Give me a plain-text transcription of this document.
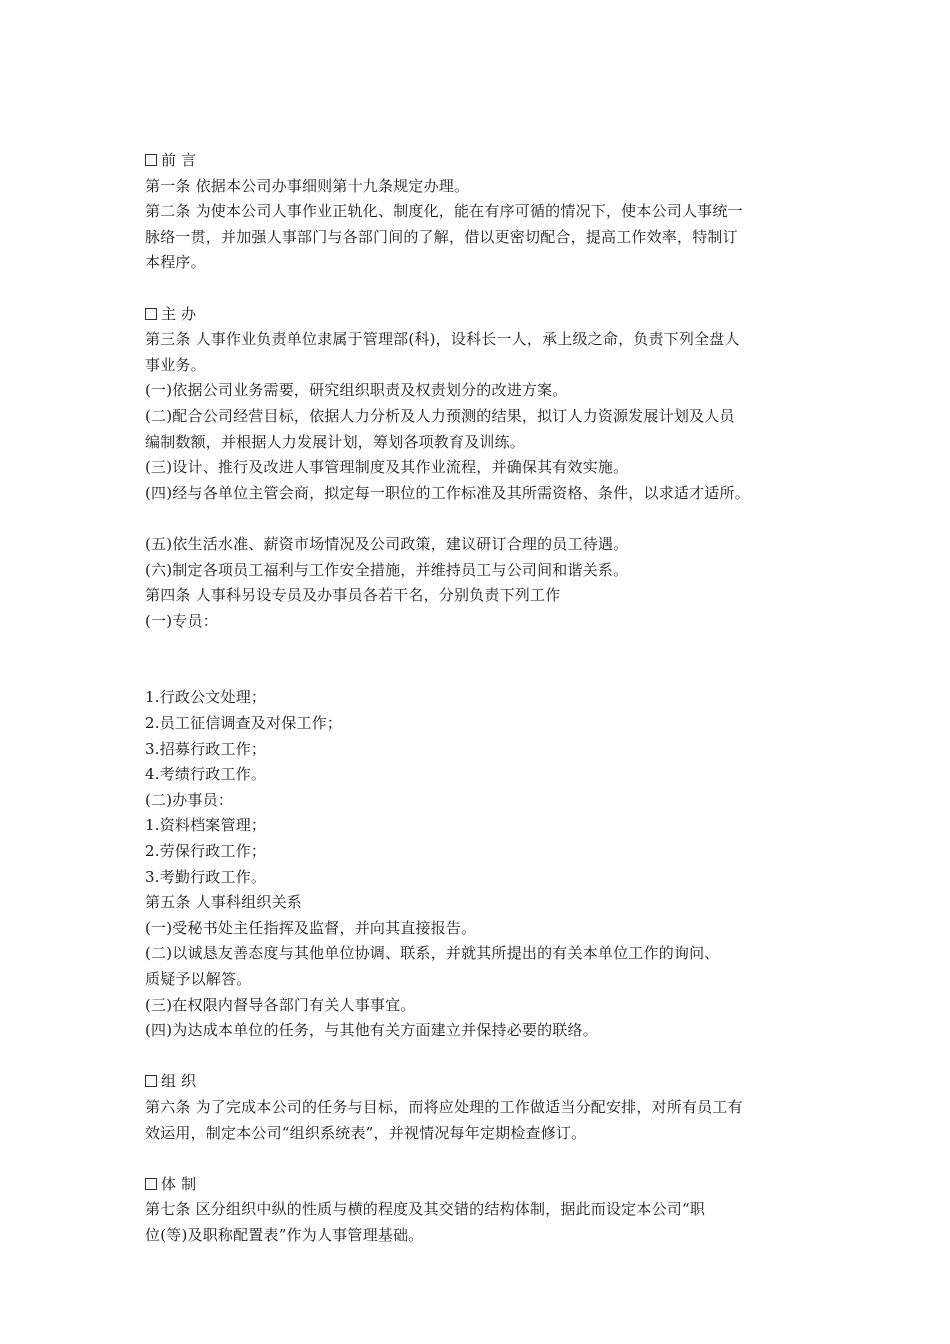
前 言
第一条 依据本公司办事细则第十九条规定办理。
第二条 为使本公司人事作业正轨化、制度化，能在有序可循的情况下，使本公司人事统一
脉络一贯，并加强人事部门与各部门间的了解，借以更密切配合，提高工作效率，特制订
本程序。
主 办
第三条 人事作业负责单位隶属于管理部(科)，设科长一人，承上级之命，负责下列全盘人
事业务。
(一)依据公司业务需要，研究组织职责及权责划分的改进方案。
(二)配合公司经营目标，依据人力分析及人力预测的结果，拟订人力资源发展计划及人员
编制数额，并根据人力发展计划，筹划各项教育及训练。
(三)设计、推行及改进人事管理制度及其作业流程，并确保其有效实施。
(四)经与各单位主管会商，拟定每一职位的工作标准及其所需资格、条件，以求适才适所。
(五)依生活水准、薪资市场情况及公司政策，建议研订合理的员工待遇。
(六)制定各项员工福利与工作安全措施，并维持员工与公司间和谐关系。
第四条 人事科另设专员及办事员各若干名，分别负责下列工作
(一)专员：
1.行政公文处理；
2.员工征信调查及对保工作；
3.招募行政工作；
4.考绩行政工作。
(二)办事员：
1.资料档案管理；
2.劳保行政工作；
3.考勤行政工作。
第五条 人事科组织关系
(一)受秘书处主任指挥及监督，并向其直接报告。
(二)以诚恳友善态度与其他单位协调、联系，并就其所提出的有关本单位工作的询问、
质疑予以解答。
(三)在权限内督导各部门有关人事事宜。
(四)为达成本单位的任务，与其他有关方面建立并保持必要的联络。
组 织
第六条 为了完成本公司的任务与目标，而将应处理的工作做适当分配安排，对所有员工有
效运用，制定本公司“组织系统表”，并视情况每年定期检查修订。
体 制
第七条 区分组织中纵的性质与横的程度及其交错的结构体制，据此而设定本公司“职
位(等)及职称配置表”作为人事管理基础。
